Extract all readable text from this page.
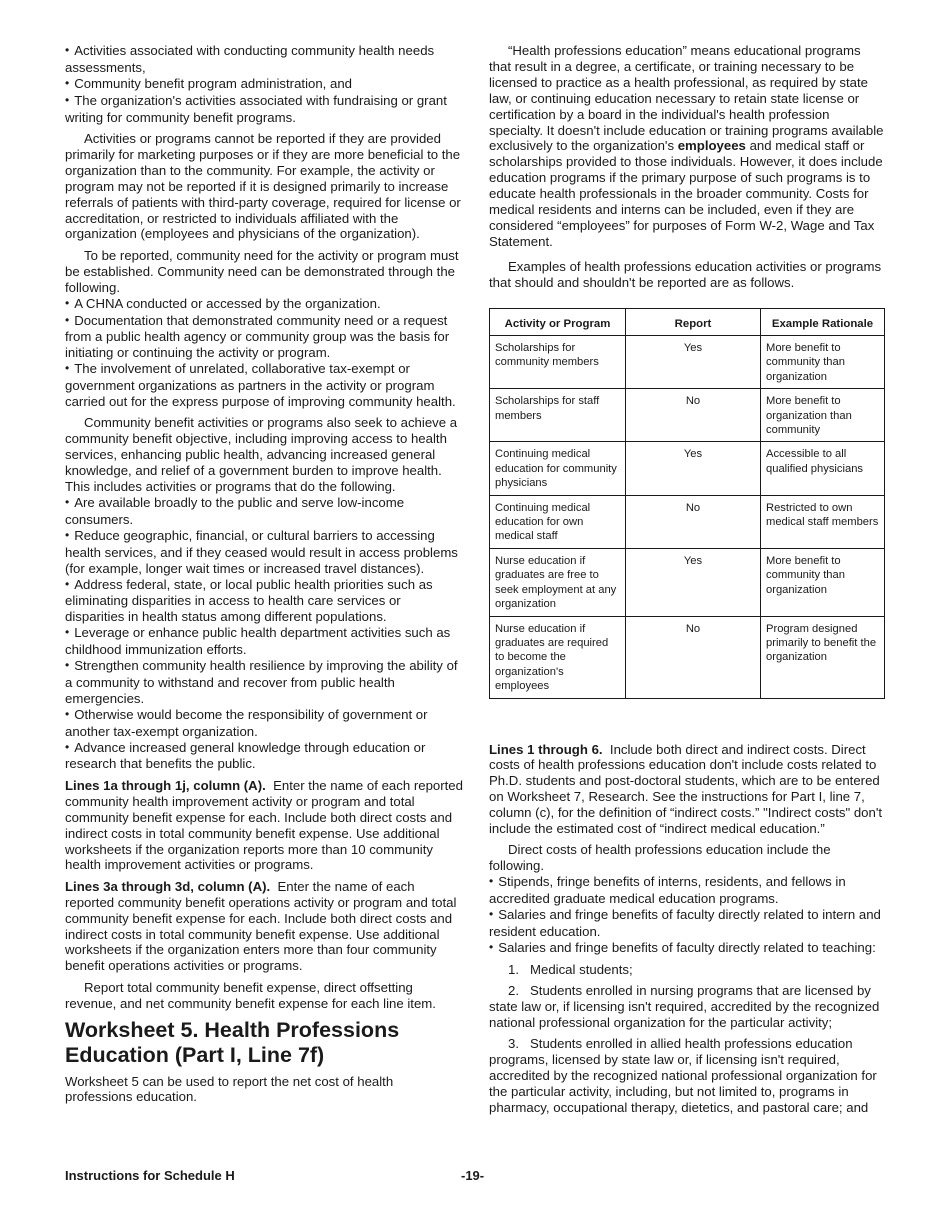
• Activities associated with conducting community health needs assessments,

• Community benefit program administration, and

• The organization's activities associated with fundraising or grant writing for community benefit programs.

Activities or programs cannot be reported if they are provided primarily for marketing purposes or if they are more beneficial to the organization than to the community. For example, the activity or program may not be reported if it is designed primarily to increase referrals of patients with third-party coverage, required for license or accreditation, or restricted to individuals affiliated with the organization (employees and physicians of the organization).

To be reported, community need for the activity or program must be established. Community need can be demonstrated through the following.

• A CHNA conducted or accessed by the organization.

• Documentation that demonstrated community need or a request from a public health agency or community group was the basis for initiating or continuing the activity or program.

• The involvement of unrelated, collaborative tax-exempt or government organizations as partners in the activity or program carried out for the express purpose of improving community health.

Community benefit activities or programs also seek to achieve a community benefit objective, including improving access to health services, enhancing public health, advancing increased general knowledge, and relief of a government burden to improve health. This includes activities or programs that do the following.

• Are available broadly to the public and serve low-income consumers.

• Reduce geographic, financial, or cultural barriers to accessing health services, and if they ceased would result in access problems (for example, longer wait times or increased travel distances).

• Address federal, state, or local public health priorities such as eliminating disparities in access to health care services or disparities in health status among different populations.

• Leverage or enhance public health department activities such as childhood immunization efforts.

• Strengthen community health resilience by improving the ability of a community to withstand and recover from public health emergencies.

• Otherwise would become the responsibility of government or another tax-exempt organization.

• Advance increased general knowledge through education or research that benefits the public.

Lines 1a through 1j, column (A). Enter the name of each reported community health improvement activity or program and total community benefit expense for each. Include both direct costs and indirect costs in total community benefit expense. Use additional worksheets if the organization reports more than 10 community health improvement activities or programs.

Lines 3a through 3d, column (A). Enter the name of each reported community benefit operations activity or program and total community benefit expense for each. Include both direct costs and indirect costs in total community benefit expense. Use additional worksheets if the organization enters more than four community benefit operations activities or programs.

Report total community benefit expense, direct offsetting revenue, and net community benefit expense for each line item.

Worksheet 5. Health Professions Education (Part I, Line 7f)

Worksheet 5 can be used to report the net cost of health professions education.

“Health professions education” means educational programs that result in a degree, a certificate, or training necessary to be licensed to practice as a health professional, as required by state law, or continuing education necessary to retain state license or certification by a board in the individual's health profession specialty. It doesn't include education or training programs available exclusively to the organization's employees and medical staff or scholarships provided to those individuals. However, it does include education programs if the primary purpose of such programs is to educate health professionals in the broader community. Costs for medical residents and interns can be included, even if they are considered “employees” for purposes of Form W-2, Wage and Tax Statement.

Examples of health professions education activities or programs that should and shouldn't be reported are as follows.

Activity or Program	Report	Example Rationale
Scholarships for community members	Yes	More benefit to community than organization
Scholarships for staff members	No	More benefit to organization than community
Continuing medical education for community physicians	Yes	Accessible to all qualified physicians
Continuing medical education for own medical staff	No	Restricted to own medical staff members
Nurse education if graduates are free to seek employment at any organization	Yes	More benefit to community than organization
Nurse education if graduates are required to become the organization's employees	No	Program designed primarily to benefit the organization

Lines 1 through 6. Include both direct and indirect costs. Direct costs of health professions education don't include costs related to Ph.D. students and post-doctoral students, which are to be entered on Worksheet 7, Research. See the instructions for Part I, line 7, column (c), for the definition of “indirect costs.” "Indirect costs" don't include the estimated cost of “indirect medical education.”

Direct costs of health professions education include the following.

• Stipends, fringe benefits of interns, residents, and fellows in accredited graduate medical education programs.

• Salaries and fringe benefits of faculty directly related to intern and resident education.

• Salaries and fringe benefits of faculty directly related to teaching:

1. Medical students;

2. Students enrolled in nursing programs that are licensed by state law or, if licensing isn't required, accredited by the recognized national professional organization for the particular activity;

3. Students enrolled in allied health professions education programs, licensed by state law or, if licensing isn't required, accredited by the recognized national professional organization for the particular activity, including, but not limited to, programs in pharmacy, occupational therapy, dietetics, and pastoral care; and

Instructions for Schedule H	-19-
